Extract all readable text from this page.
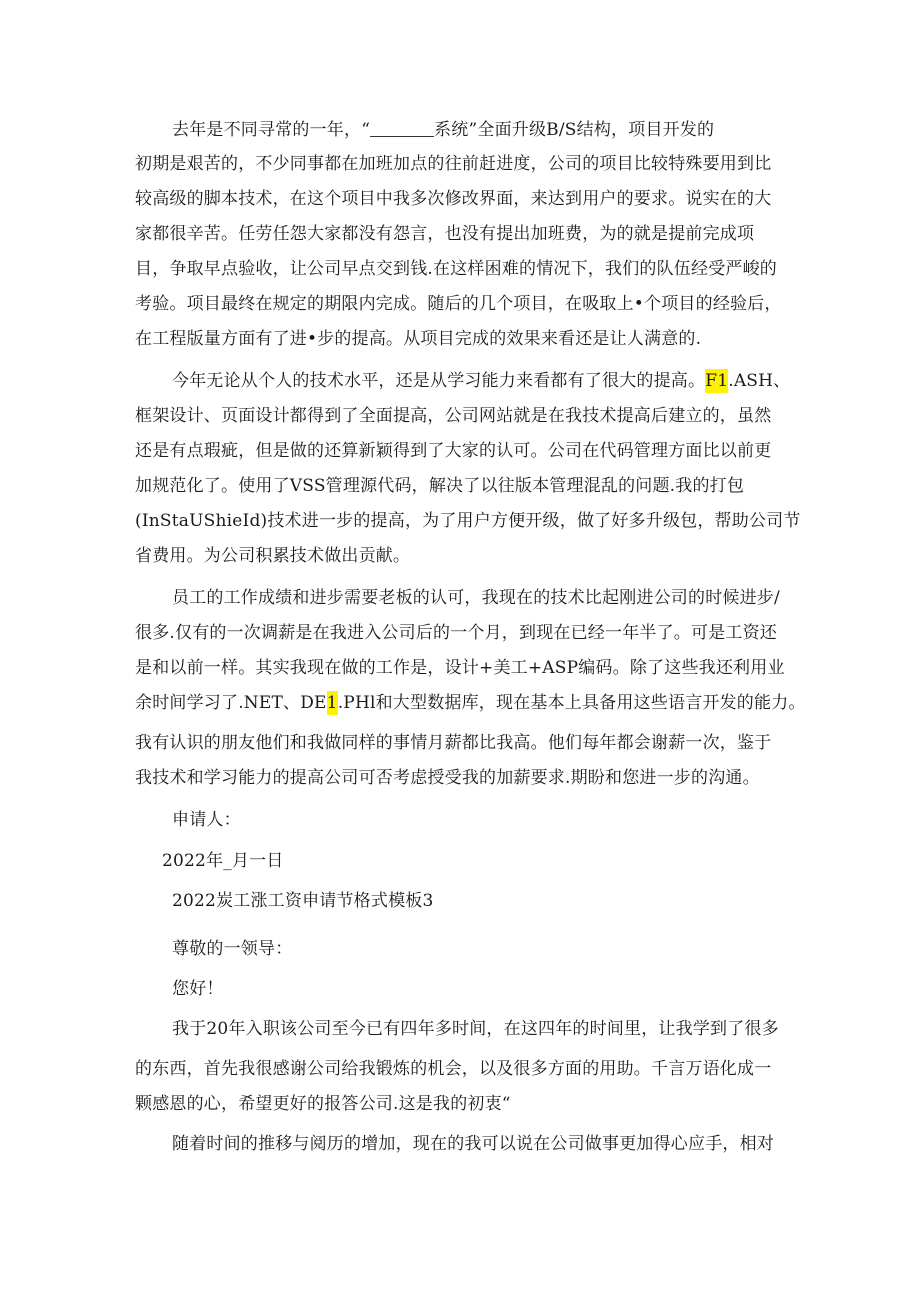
去年是不同寻常的一年，“	系统”全面升级B/S结构，项目开发的
初期是艰苦的，不少同事都在加班加点的往前赶进度，公司的项目比较特殊要用到比
较高级的脚本技术，在这个项目中我多次修改界面，来达到用户的要求。说实在的大
家都很辛苦。任劳任怨大家都没有怨言，也没有提出加班费，为的就是提前完成项
目，争取早点验收，让公司早点交到钱.在这样困难的情况下，我们的队伍经受严峻的
考验。项目最终在规定的期限内完成。随后的几个项目，在吸取上•个项目的经验后，
在工程版量方面有了进•步的提高。从项目完成的效果来看还是让人满意的.
今年无论从个人的技术水平，还是从学习能力来看都有了很大的提高。F1.ASH、
框架设计、页面设计都得到了全面提高，公司网站就是在我技术提高后建立的，虽然
还是有点瑕疵，但是做的还算新颖得到了大家的认可。公司在代码管理方面比以前更
加规范化了。使用了VSS管理源代码，解决了以往版本管理混乱的问题.我的打包
(InStaUShieId)技术进一步的提高，为了用户方便开级，做了好多升级包，帮助公司节
省费用。为公司积累技术做出贡献。
员工的工作成绩和进步需要老板的认可，我现在的技术比起刚进公司的时候进步/
很多.仅有的一次调薪是在我进入公司后的一个月，到现在已经一年半了。可是工资还
是和以前一样。其实我现在做的工作是，设计+美工+ASP编码。除了这些我还利用业
余时间学习了.NET、DE1.PHl和大型数据库，现在基本上具备用这些语言开发的能力。
我有认识的朋友他们和我做同样的事情月薪都比我高。他们每年都会谢薪一次，鉴于
我技术和学习能力的提高公司可否考虑授受我的加薪要求.期盼和您进一步的沟通。
申请人：
2022年_月一日
2022炭工涨工资申请节格式模板3
尊敬的一领导：
您好！
我于20年入职该公司至今已有四年多时间，在这四年的时间里，让我学到了很多
的东西，首先我很感谢公司给我锻炼的机会，以及很多方面的用助。千言万语化成一
颗感恩的心，希望更好的报答公司.这是我的初衷“
随着时间的推移与阅历的增加，现在的我可以说在公司做事更加得心应手，相对
